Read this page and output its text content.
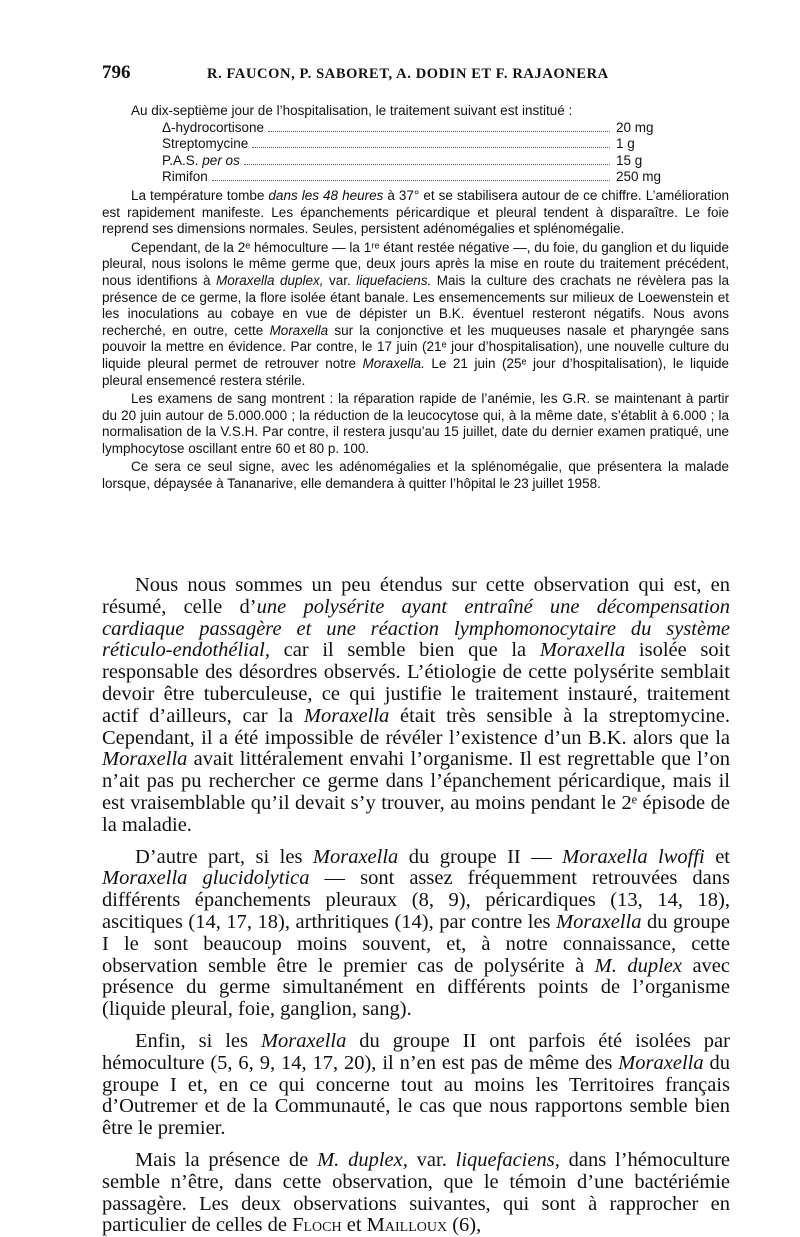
796	R. FAUCON, P. SABORET, A. DODIN ET F. RAJAONERA

Au dix-septième jour de l’hospitalisation, le traitement suivant est institué :

Δ-hydrocortisone	20 mg
Streptomycine	1 g
P.A.S. per os	15 g
Rimifon	250 mg

La température tombe dans les 48 heures à 37° et se stabilisera autour de ce chiffre. L’amélioration est rapidement manifeste. Les épanchements péricardique et pleural tendent à disparaître. Le foie reprend ses dimensions normales. Seules, persistent adénomégalies et splénomégalie.

Cependant, de la 2ᵉ hémoculture — la 1ʳᵉ étant restée négative —, du foie, du ganglion et du liquide pleural, nous isolons le même germe que, deux jours après la mise en route du traitement précédent, nous identifions à Moraxella duplex, var. liquefaciens. Mais la culture des crachats ne révèlera pas la présence de ce germe, la flore isolée étant banale. Les ensemencements sur milieux de Loewenstein et les inoculations au cobaye en vue de dépister un B.K. éventuel resteront négatifs. Nous avons recherché, en outre, cette Moraxella sur la conjonctive et les muqueuses nasale et pharyngée sans pouvoir la mettre en évidence. Par contre, le 17 juin (21ᵉ jour d’hospitalisation), une nouvelle culture du liquide pleural permet de retrouver notre Moraxella. Le 21 juin (25ᵉ jour d’hospitalisation), le liquide pleural ensemencé restera stérile.

Les examens de sang montrent : la réparation rapide de l’anémie, les G.R. se maintenant à partir du 20 juin autour de 5.000.000 ; la réduction de la leucocytose qui, à la même date, s’établit à 6.000 ; la normalisation de la V.S.H. Par contre, il restera jusqu’au 15 juillet, date du dernier examen pratiqué, une lymphocytose oscillant entre 60 et 80 p. 100.

Ce sera ce seul signe, avec les adénomégalies et la splénomégalie, que présentera la malade lorsque, dépaysée à Tananarive, elle demandera à quitter l’hôpital le 23 juillet 1958.

Nous nous sommes un peu étendus sur cette observation qui est, en résumé, celle d’une polysérite ayant entraîné une décompensation cardiaque passagère et une réaction lymphomonocytaire du système réticulo-endothélial, car il semble bien que la Moraxella isolée soit responsable des désordres observés. L’étiologie de cette polysérite semblait devoir être tuberculeuse, ce qui justifie le traitement instauré, traitement actif d’ailleurs, car la Moraxella était très sensible à la streptomycine. Cependant, il a été impossible de révéler l’existence d’un B.K. alors que la Moraxella avait littéralement envahi l’organisme. Il est regrettable que l’on n’ait pas pu rechercher ce germe dans l’épanchement péricardique, mais il est vraisemblable qu’il devait s’y trouver, au moins pendant le 2ᵉ épisode de la maladie.

D’autre part, si les Moraxella du groupe II — Moraxella lwoffi et Moraxella glucidolytica — sont assez fréquemment retrouvées dans différents épanchements pleuraux (8, 9), péricardiques (13, 14, 18), ascitiques (14, 17, 18), arthritiques (14), par contre les Moraxella du groupe I le sont beaucoup moins souvent, et, à notre connaissance, cette observation semble être le premier cas de polysérite à M. duplex avec présence du germe simultanément en différents points de l’organisme (liquide pleural, foie, ganglion, sang).

Enfin, si les Moraxella du groupe II ont parfois été isolées par hémoculture (5, 6, 9, 14, 17, 20), il n’en est pas de même des Moraxella du groupe I et, en ce qui concerne tout au moins les Territoires français d’Outremer et de la Communauté, le cas que nous rapportons semble bien être le premier.

Mais la présence de M. duplex, var. liquefaciens, dans l’hémoculture semble n’être, dans cette observation, que le témoin d’une bactériémie passagère. Les deux observations suivantes, qui sont à rapprocher en particulier de celles de Floch et Mailloux (6),
